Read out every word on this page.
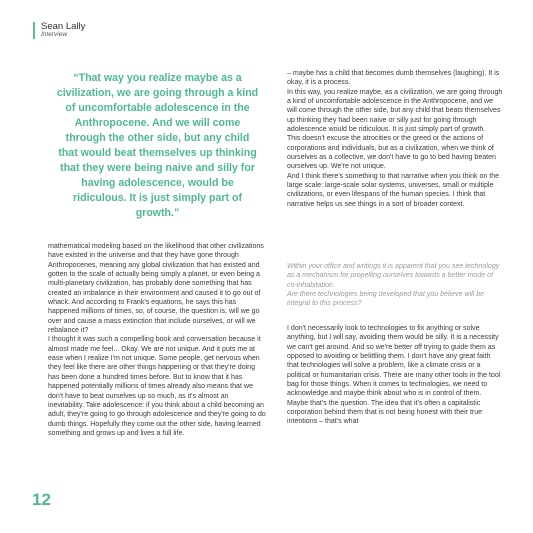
Sean Lally
Interview
“That way you realize maybe as a civilization, we are going through a kind of uncomfortable adolescence in the Anthropocene. And we will come through the other side, but any child that would beat themselves up thinking that they were being naive and silly for having adolescence, would be ridiculous. It is just simply part of growth.”

mathematical modeling based on the likelihood that other civilizations have existed in the universe and that they have gone through Anthropocenes, meaning any global civilization that has existed and gotten to the scale of actually being simply a planet, or even being a multi-planetary civilization, has probably done something that has created an imbalance in their environment and caused it to go out of whack. And according to Frank's equations, he says this has happened millions of times, so, of course, the question is, will we go over and cause a mass extinction that include ourselves, or will we rebalance it?

I thought it was such a compelling book and conversation because it almost made me feel... Okay. We are not unique. And it puts me at ease when I realize I'm not unique. Some people, get nervous when they feel like there are other things happening or that they're doing has been done a hundred times before. But to know that it has happened potentially millions of times already also means that we don't have to beat ourselves up so much, as it's almost an inevitability. Take adolescence: if you think about a child becoming an adult, they're going to go through adolescence and they're going to do dumb things. Hopefully they come out the other side, having learned something and grows up and lives a full life.

– maybe has a child that becomes dumb themselves (laughing). It is okay, it is a process.

In this way, you realize maybe, as a civilization, we are going through a kind of uncomfortable adolescence in the Anthropocene, and we will come through the other side, but any child that beats themselves up thinking they had been naive or silly just for going through adolescence would be ridiculous. It is just simply part of growth.

This doesn't excuse the atrocities or the greed or the actions of corporations and individuals, but as a civilization, when we think of ourselves as a collective, we don't have to go to bed having beaten ourselves up. We're not unique.

And I think there's something to that narrative when you think on the large scale: large-scale solar systems, universes, small or multiple civilizations, or even lifespans of the human species. I think that narrative helps us see things in a sort of broader context.

Within your office and writings it is apparent that you see technology as a mechanism for propelling ourselves towards a better mode of co-inhabitation.

Are there technologies being developed that you believe will be integral to this process?

I don't necessarily look to technologies to fix anything or solve anything, but I will say, avoiding them would be silly. It is a necessity we can't get around. And so we're better off trying to guide them as opposed to avoiding or belittling them. I don't have any great faith that technologies will solve a problem, like a climate crisis or a political or humanitarian crisis. There are many other tools in the tool bag for those things. When it comes to technologies, we need to acknowledge and maybe think about who is in control of them. Maybe that's the question. The idea that it's often a capitalistic corporation behind them that is not being honest with their true intentions – that's what

12
